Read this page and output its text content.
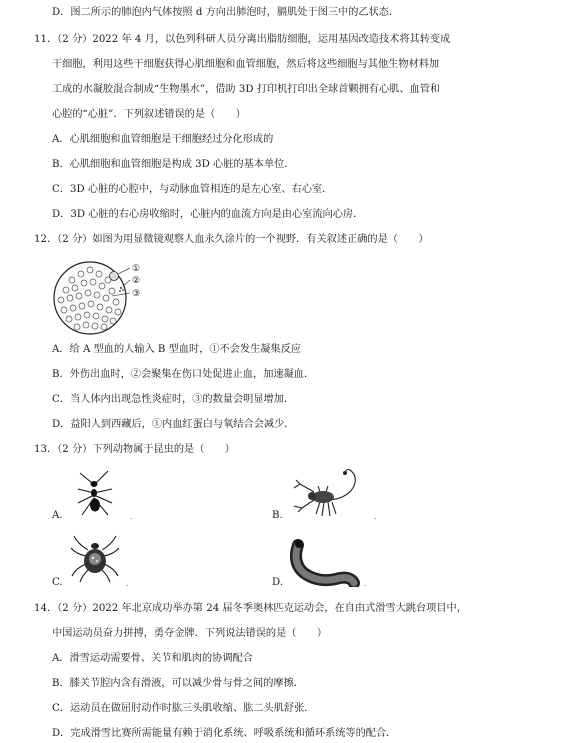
D．图二所示的肺泡内气体按照 d 方向出肺泡时，膈肌处于图三中的乙状态．
11．（2 分）2022 年 4 月，以色列科研人员分离出脂肪细胞，运用基因改造技术将其转变成
干细胞，利用这些干细胞获得心肌细胞和血管细胞，然后将这些细胞与其他生物材料加
工成的水凝胶混合制成“生物墨水”，借助 3D 打印机打印出全球首颗拥有心肌、血管和
心腔的“心脏”．下列叙述错误的是（　　）
A．心肌细胞和血管细胞是干细胞经过分化形成的
B．心肌细胞和血管细胞是构成 3D 心脏的基本单位．
C．3D 心脏的心腔中，与动脉血管相连的是左心室、右心室．
D．3D 心脏的右心房收缩时，心脏内的血流方向是由心室流向心房．
12．（2 分）如图为用显微镜观察人血永久涂片的一个视野．有关叙述正确的是（　　）
①
②
③
A．给 A 型血的人输入 B 型血时，①不会发生凝集反应
B．外伤出血时，②会聚集在伤口处促进止血，加速凝血．
C．当人体内出现急性炎症时，③的数量会明显增加．
D．益阳人到西藏后，①内血红蛋白与氧结合会减少．
13．（2 分）下列动物属于昆虫的是（　　）
A.	.	B.	.
C.	.	D.	.
14．（2 分）2022 年北京成功举办第 24 届冬季奥林匹克运动会，在自由式滑雪大跳台项目中，
中国运动员奋力拼搏，勇夺金牌．下列说法错误的是（　　）
A．滑雪运动需要骨、关节和肌肉的协调配合
B．膝关节腔内含有滑液，可以减少骨与骨之间的摩擦．
C．运动员在做屈肘动作时肱三头肌收缩、肱二头肌舒张．
D．完成滑雪比赛所需能量有赖于消化系统、呼吸系统和循环系统等的配合．
